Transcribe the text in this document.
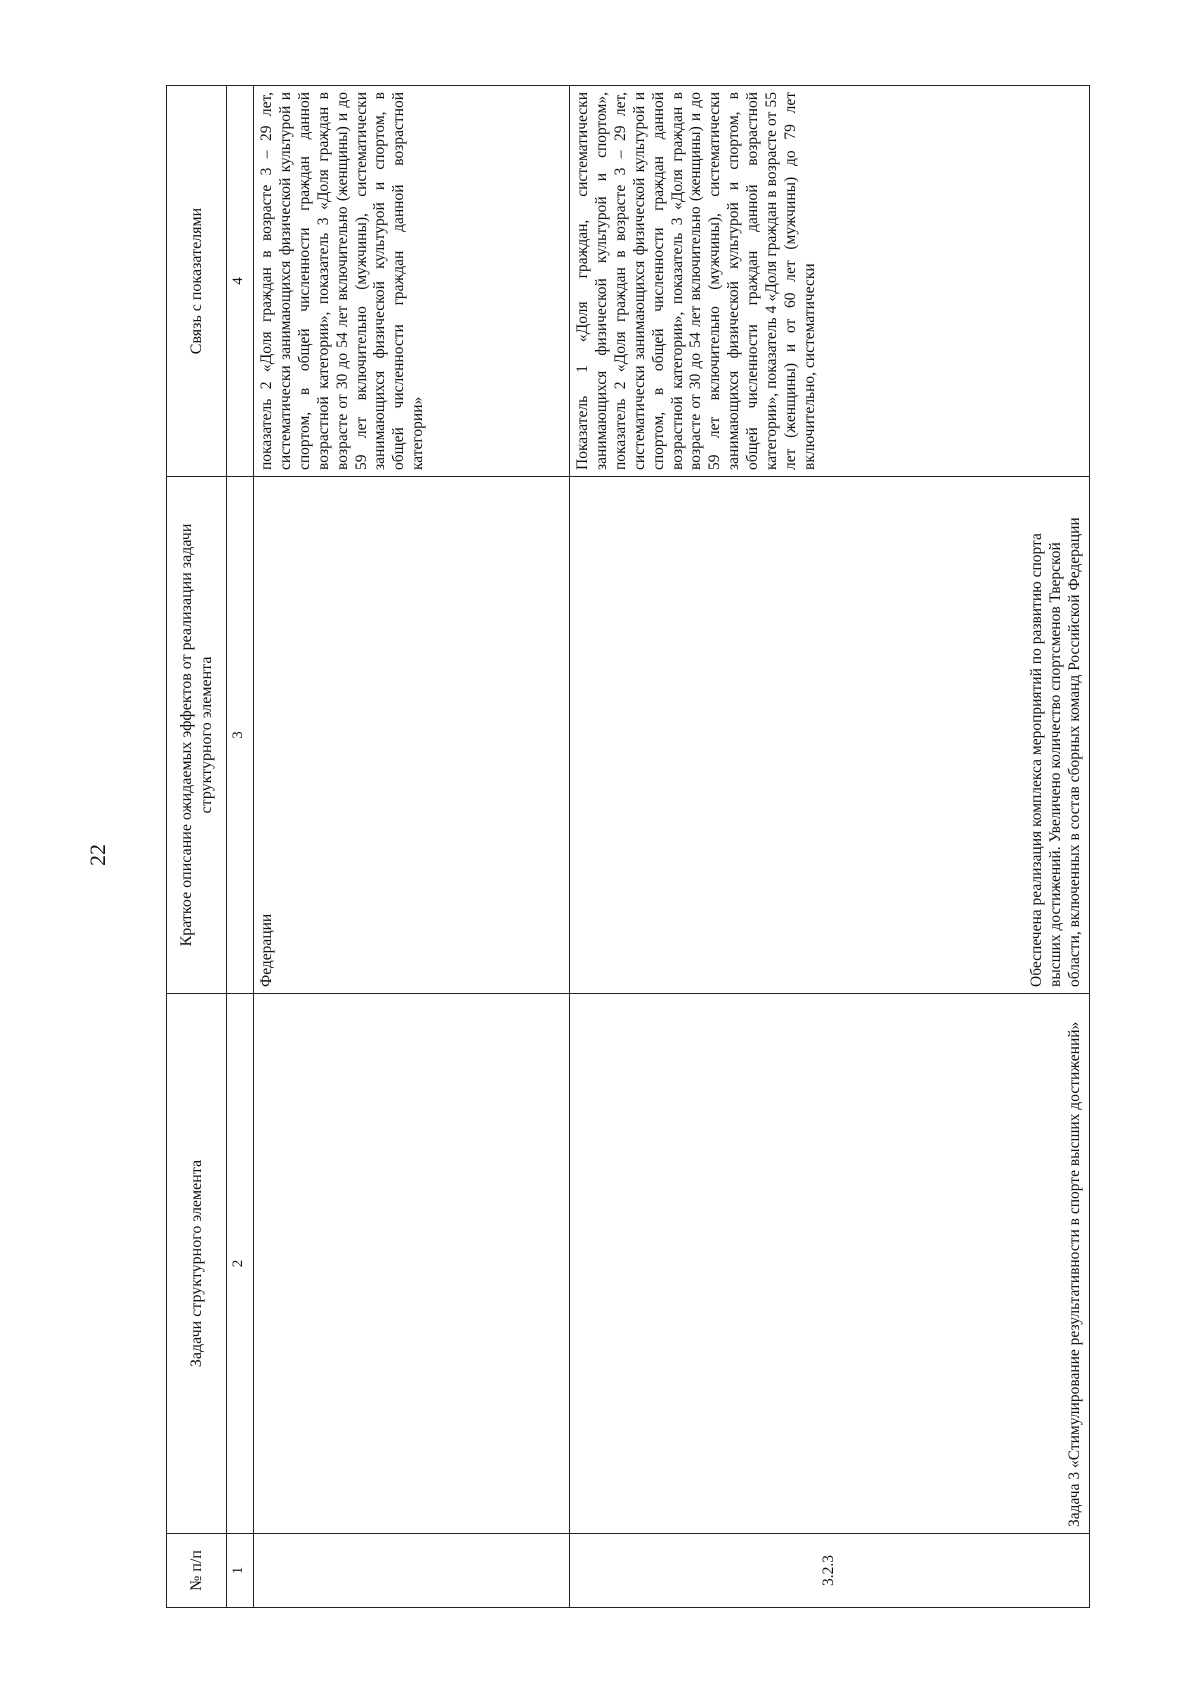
22
№ п/п	Задачи структурного элемента	Краткое описание ожидаемых эффектов от реализации задачи структурного элемента	Связь с показателями
1	2	3	4
		Федерации	показатель 2 «Доля граждан в возрасте 3 – 29 лет, систематически занимающихся физической культурой и спортом, в общей численности граждан данной возрастной категории», показатель 3 «Доля граждан в возрасте от 30 до 54 лет включительно (женщины) и до 59 лет включительно (мужчины), систематически занимающихся физической культурой и спортом, в общей численности граждан данной возрастной категории»
3.2.3	Задача 3 «Стимулирование результативности в спорте высших достижений»	Обеспечена реализация комплекса мероприятий по развитию спорта высших достижений. Увеличено количество спортсменов Тверской области, включенных в состав сборных команд Российской Федерации	Показатель 1 «Доля граждан, систематически занимающихся физической культурой и спортом», показатель 2 «Доля граждан в возрасте 3 – 29 лет, систематически занимающихся физической культурой и спортом, в общей численности граждан данной возрастной категории», показатель 3 «Доля граждан в возрасте от 30 до 54 лет включительно (женщины) и до 59 лет включительно (мужчины), систематически занимающихся физической культурой и спортом, в общей численности граждан данной возрастной категории», показатель 4 «Доля граждан в возрасте от 55 лет (женщины) и от 60 лет (мужчины) до 79 лет включительно, систематически
